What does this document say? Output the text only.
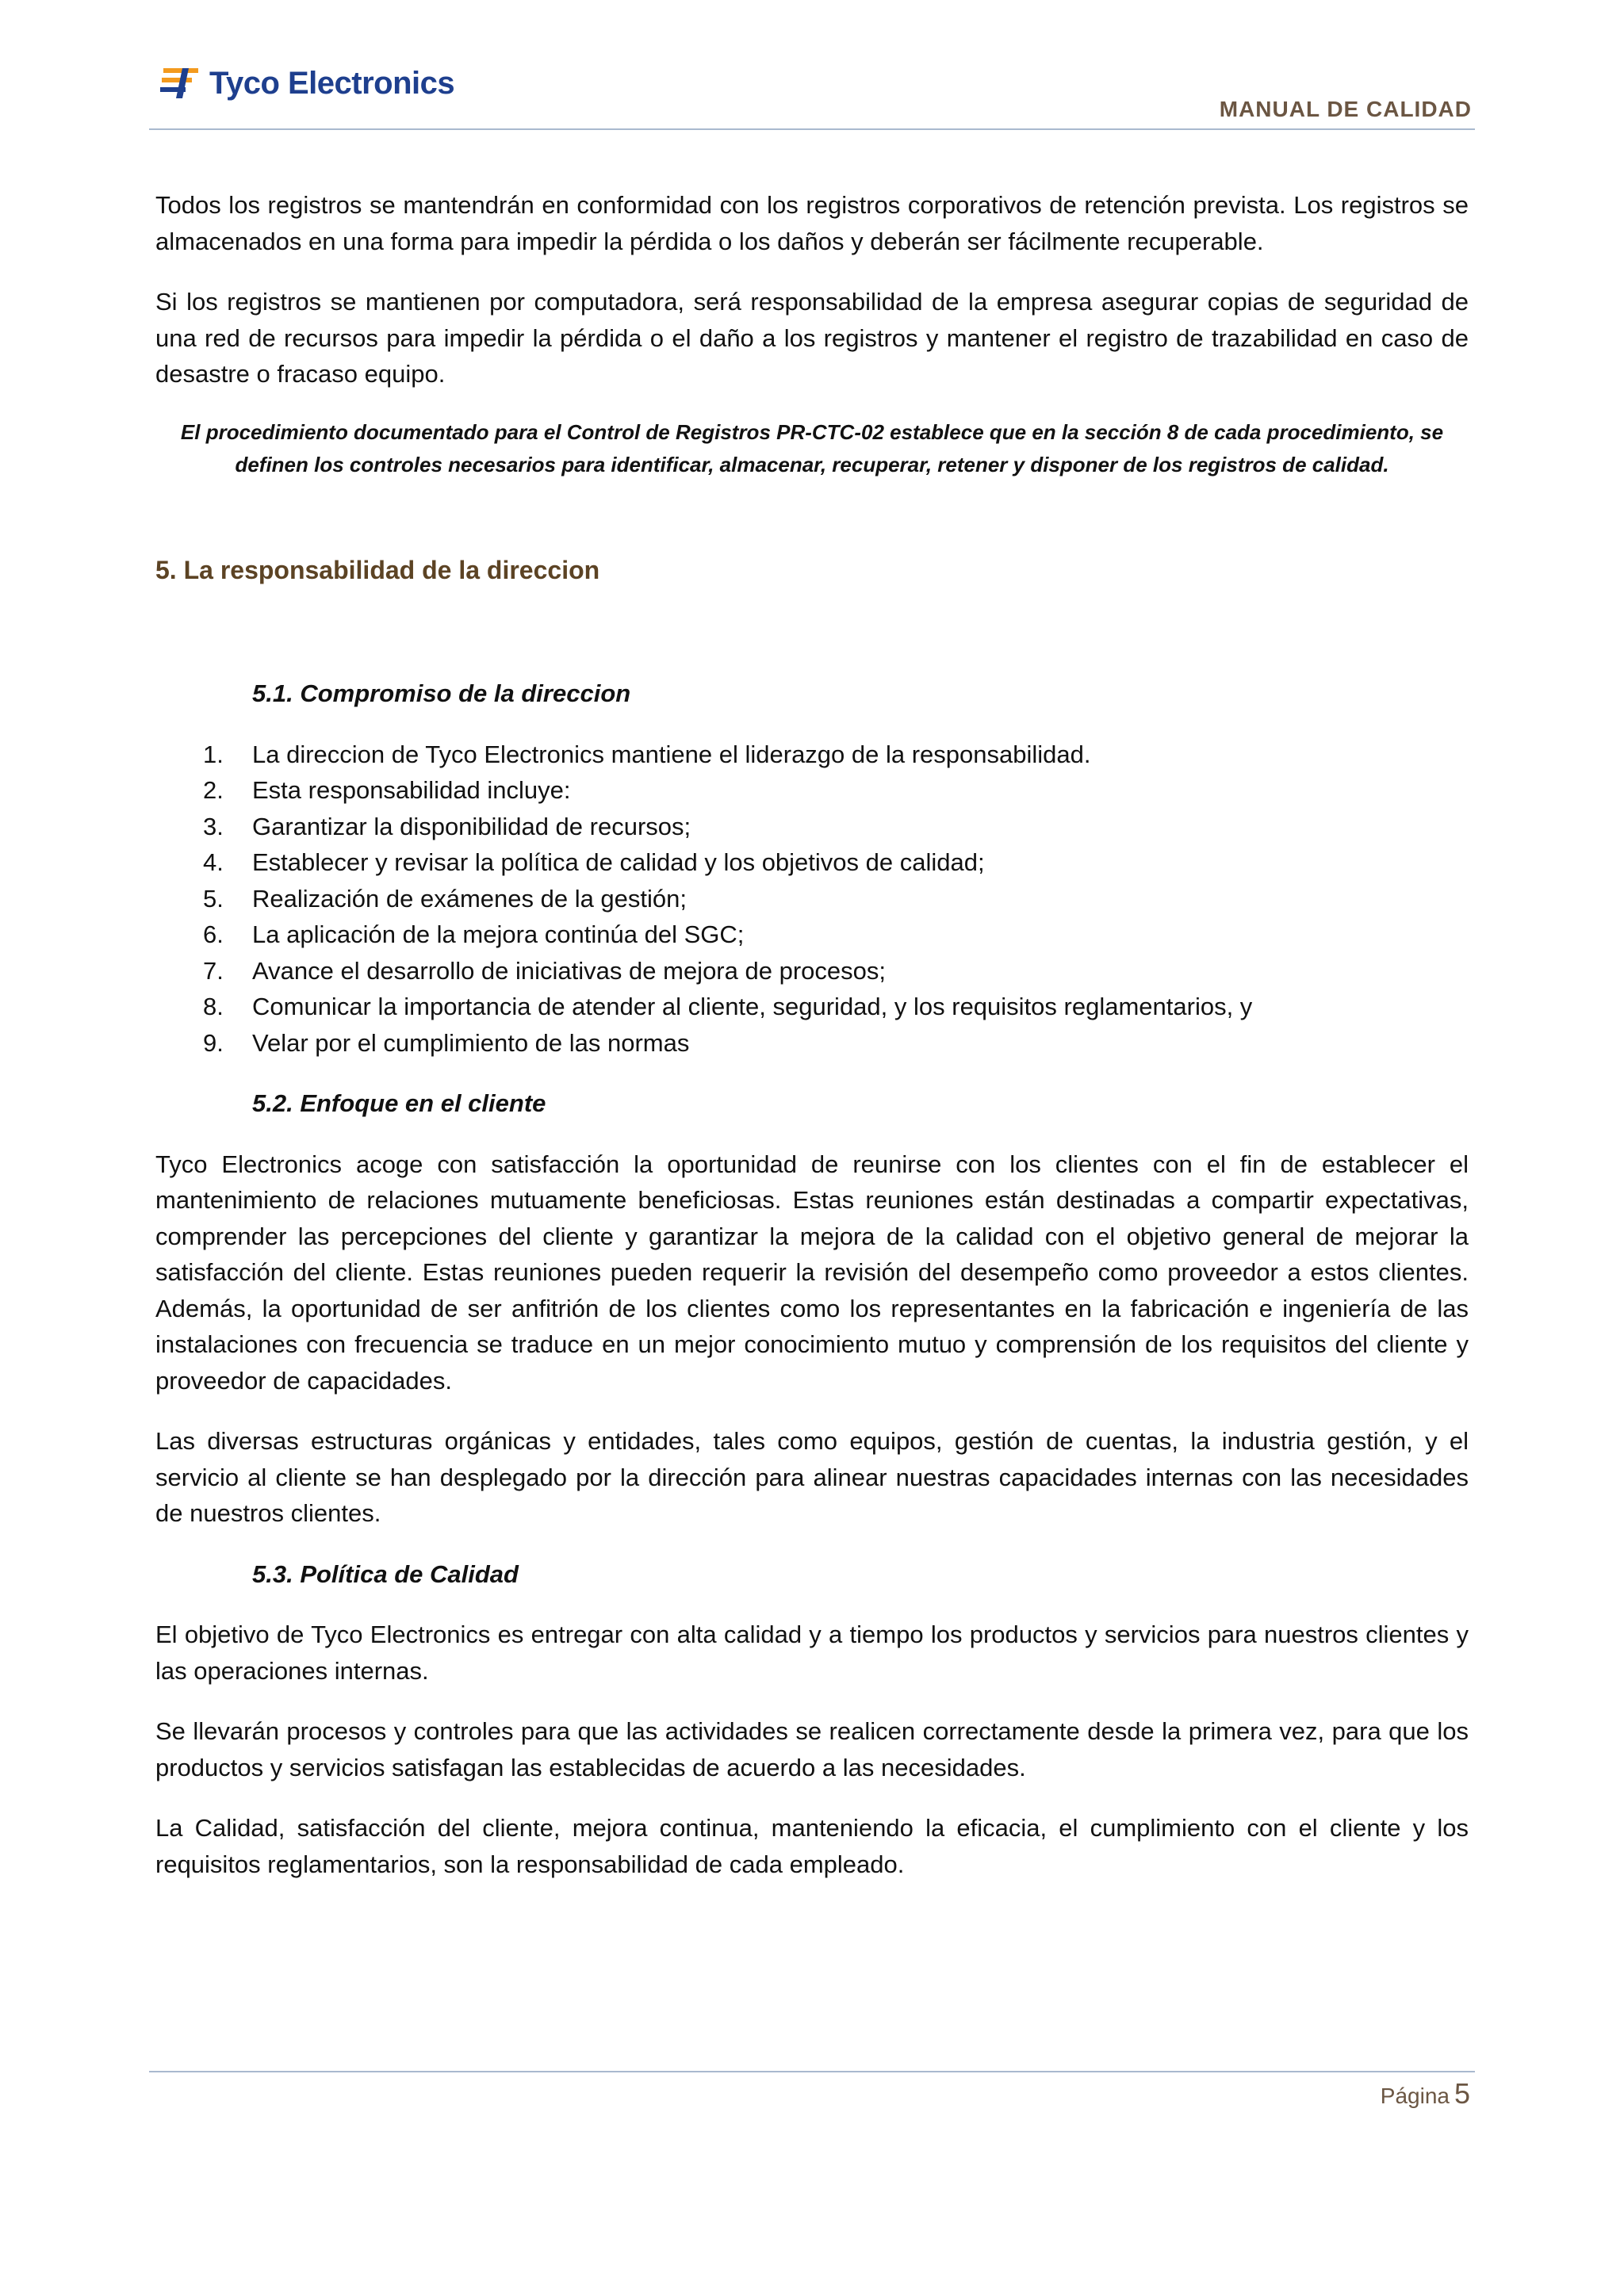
Tyco Electronics
MANUAL DE CALIDAD

Todos los registros se mantendrán en conformidad con los registros corporativos de retención prevista. Los registros se almacenados en una forma para impedir la pérdida o los daños y deberán ser fácilmente recuperable.

Si los registros se mantienen por computadora, será responsabilidad de la empresa asegurar copias de seguridad de una red de recursos para impedir la pérdida o el daño a los registros y mantener el registro de trazabilidad en caso de desastre o fracaso equipo.

El procedimiento documentado para el Control de Registros PR-CTC-02 establece que en la sección 8 de cada procedimiento, se definen los controles necesarios para identificar, almacenar, recuperar, retener y disponer de los registros de calidad.

5. La responsabilidad de la direccion
5.1. Compromiso de la direccion
1.	La direccion de Tyco Electronics mantiene el liderazgo de la responsabilidad.
2.	Esta responsabilidad incluye:
3.	Garantizar la disponibilidad de recursos;
4.	Establecer y revisar la política de calidad y los objetivos de calidad;
5.	Realización de exámenes de la gestión;
6.	La aplicación de la mejora continúa del SGC;
7.	Avance el desarrollo de iniciativas de mejora de procesos;
8.	Comunicar la importancia de atender al cliente, seguridad, y los requisitos reglamentarios, y
9.	Velar por el cumplimiento de las normas
5.2. Enfoque en el cliente

Tyco Electronics acoge con satisfacción la oportunidad de reunirse con los clientes con el fin de establecer el mantenimiento de relaciones mutuamente beneficiosas. Estas reuniones están destinadas a compartir expectativas, comprender las percepciones del cliente y garantizar la mejora de la calidad con el objetivo general de mejorar la satisfacción del cliente. Estas reuniones pueden requerir la revisión del desempeño como proveedor a estos clientes. Además, la oportunidad de ser anfitrión de los clientes como los representantes en la fabricación e ingeniería de las instalaciones con frecuencia se traduce en un mejor conocimiento mutuo y comprensión de los requisitos del cliente y proveedor de capacidades.

Las diversas estructuras orgánicas y entidades, tales como equipos, gestión de cuentas, la industria gestión, y el servicio al cliente se han desplegado por la dirección para alinear nuestras capacidades internas con las necesidades de nuestros clientes.

5.3. Política de Calidad

El objetivo de Tyco Electronics es entregar con alta calidad y a tiempo los productos y servicios para nuestros clientes y las operaciones internas.

Se llevarán procesos y controles para que las actividades se realicen correctamente desde la primera vez, para que los productos y servicios satisfagan las establecidas de acuerdo a las necesidades.

La Calidad, satisfacción del cliente, mejora continua, manteniendo la eficacia, el cumplimiento con el cliente y los requisitos reglamentarios, son la responsabilidad de cada empleado.

Página 5
